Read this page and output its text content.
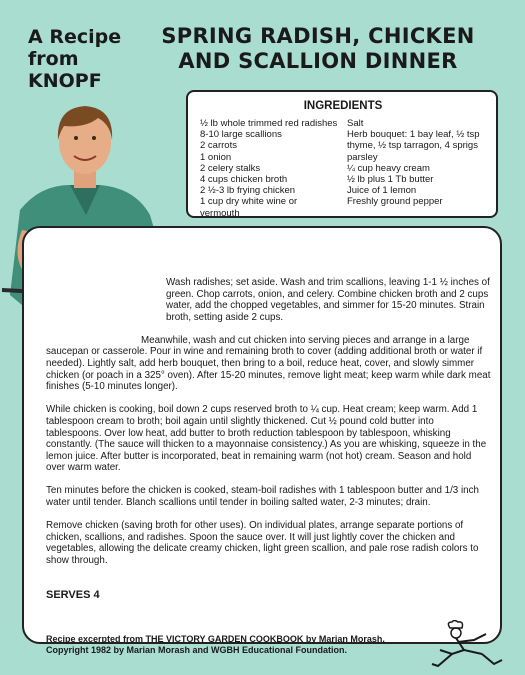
A Recipe
from KNOPF
SPRING RADISH, CHICKEN
AND SCALLION DINNER
INGREDIENTS
½ lb whole trimmed red radishes
8-10 large scallions
2 carrots
1 onion
2 celery stalks
4 cups chicken broth
2 ½-3 lb frying chicken
1 cup dry white wine or vermouth
Salt
Herb bouquet: 1 bay leaf, ½ tsp thyme, ½ tsp tarragon, 4 sprigs parsley
¼ cup heavy cream
½ lb plus 1 Tb butter
Juice of 1 lemon
Freshly ground pepper

Wash radishes; set aside. Wash and trim scallions, leaving 1-1 ½ inches of green. Chop carrots, onion, and celery. Combine chicken broth and 2 cups water, add the chopped vegetables, and simmer for 15-20 minutes. Strain broth, setting aside 2 cups.

Meanwhile, wash and cut chicken into serving pieces and arrange in a large saucepan or casserole. Pour in wine and remaining broth to cover (adding additional broth or water if needed). Lightly salt, add herb bouquet, then bring to a boil, reduce heat, cover, and slowly simmer chicken (or poach in a 325° oven). After 15-20 minutes, remove light meat; keep warm while dark meat finishes (5-10 minutes longer).

While chicken is cooking, boil down 2 cups reserved broth to ¼ cup. Heat cream; keep warm. Add 1 tablespoon cream to broth; boil again until slightly thickened. Cut ½ pound cold butter into tablespoons. Over low heat, add butter to broth reduction tablespoon by tablespoon, whisking constantly. (The sauce will thicken to a mayonnaise consistency.) As you are whisking, squeeze in the lemon juice. After butter is incorporated, beat in remaining warm (not hot) cream. Season and hold over warm water.

Ten minutes before the chicken is cooked, steam-boil radishes with 1 tablespoon butter and 1/3 inch water until tender. Blanch scallions until tender in boiling salted water, 2-3 minutes; drain.

Remove chicken (saving broth for other uses). On individual plates, arrange separate portions of chicken, scallions, and radishes. Spoon the sauce over. It will just lightly cover the chicken and vegetables, allowing the delicate creamy chicken, light green scallion, and pale rose radish colors to show through.

SERVES 4
Recipe excerpted from THE VICTORY GARDEN COOKBOOK by Marian Morash.
Copyright 1982 by Marian Morash and WGBH Educational Foundation.
